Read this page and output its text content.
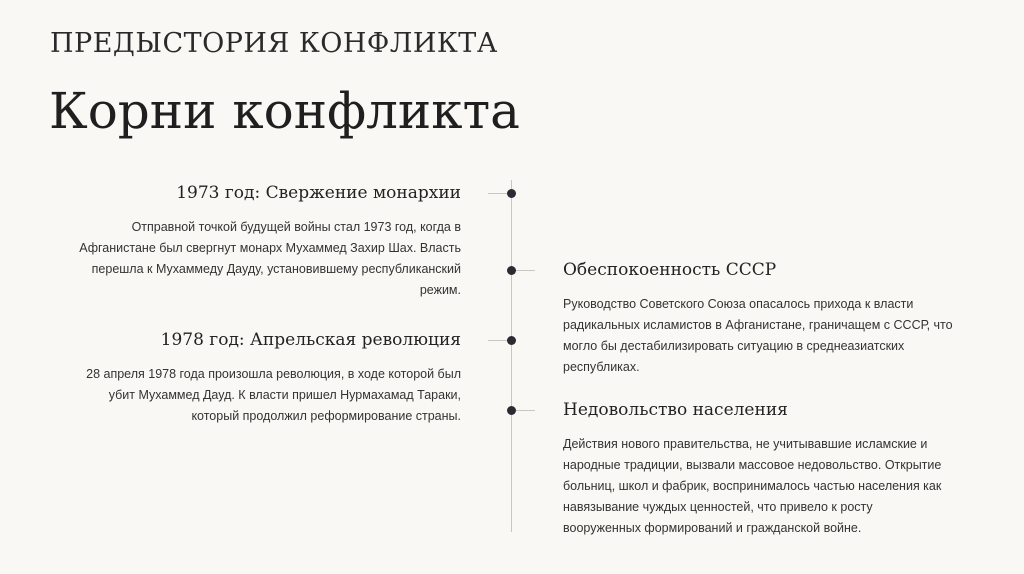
ПРЕДЫСТОРИЯ КОНФЛИКТА
Корни конфликта
1973 год: Свержение монархии
Отправной точкой будущей войны стал 1973 год, когда в
Афганистане был свергнут монарх Мухаммед Захир Шах. Власть
перешла к Мухаммеду Дауду, установившему республиканский
режим.
Обеспокоенность СССР
Руководство Советского Союза опасалось прихода к власти
радикальных исламистов в Афганистане, граничащем с СССР, что
могло бы дестабилизировать ситуацию в среднеазиатских
республиках.
1978 год: Апрельская революция
28 апреля 1978 года произошла революция, в ходе которой был
убит Мухаммед Дауд. К власти пришел Нурмахамад Тараки,
который продолжил реформирование страны.	Недовольство населения
Действия нового правительства, не учитывавшие исламские и
народные традиции, вызвали массовое недовольство. Открытие
больниц, школ и фабрик, воспринималось частью населения как
навязывание чуждых ценностей, что привело к росту
вооруженных формирований и гражданской войне.
